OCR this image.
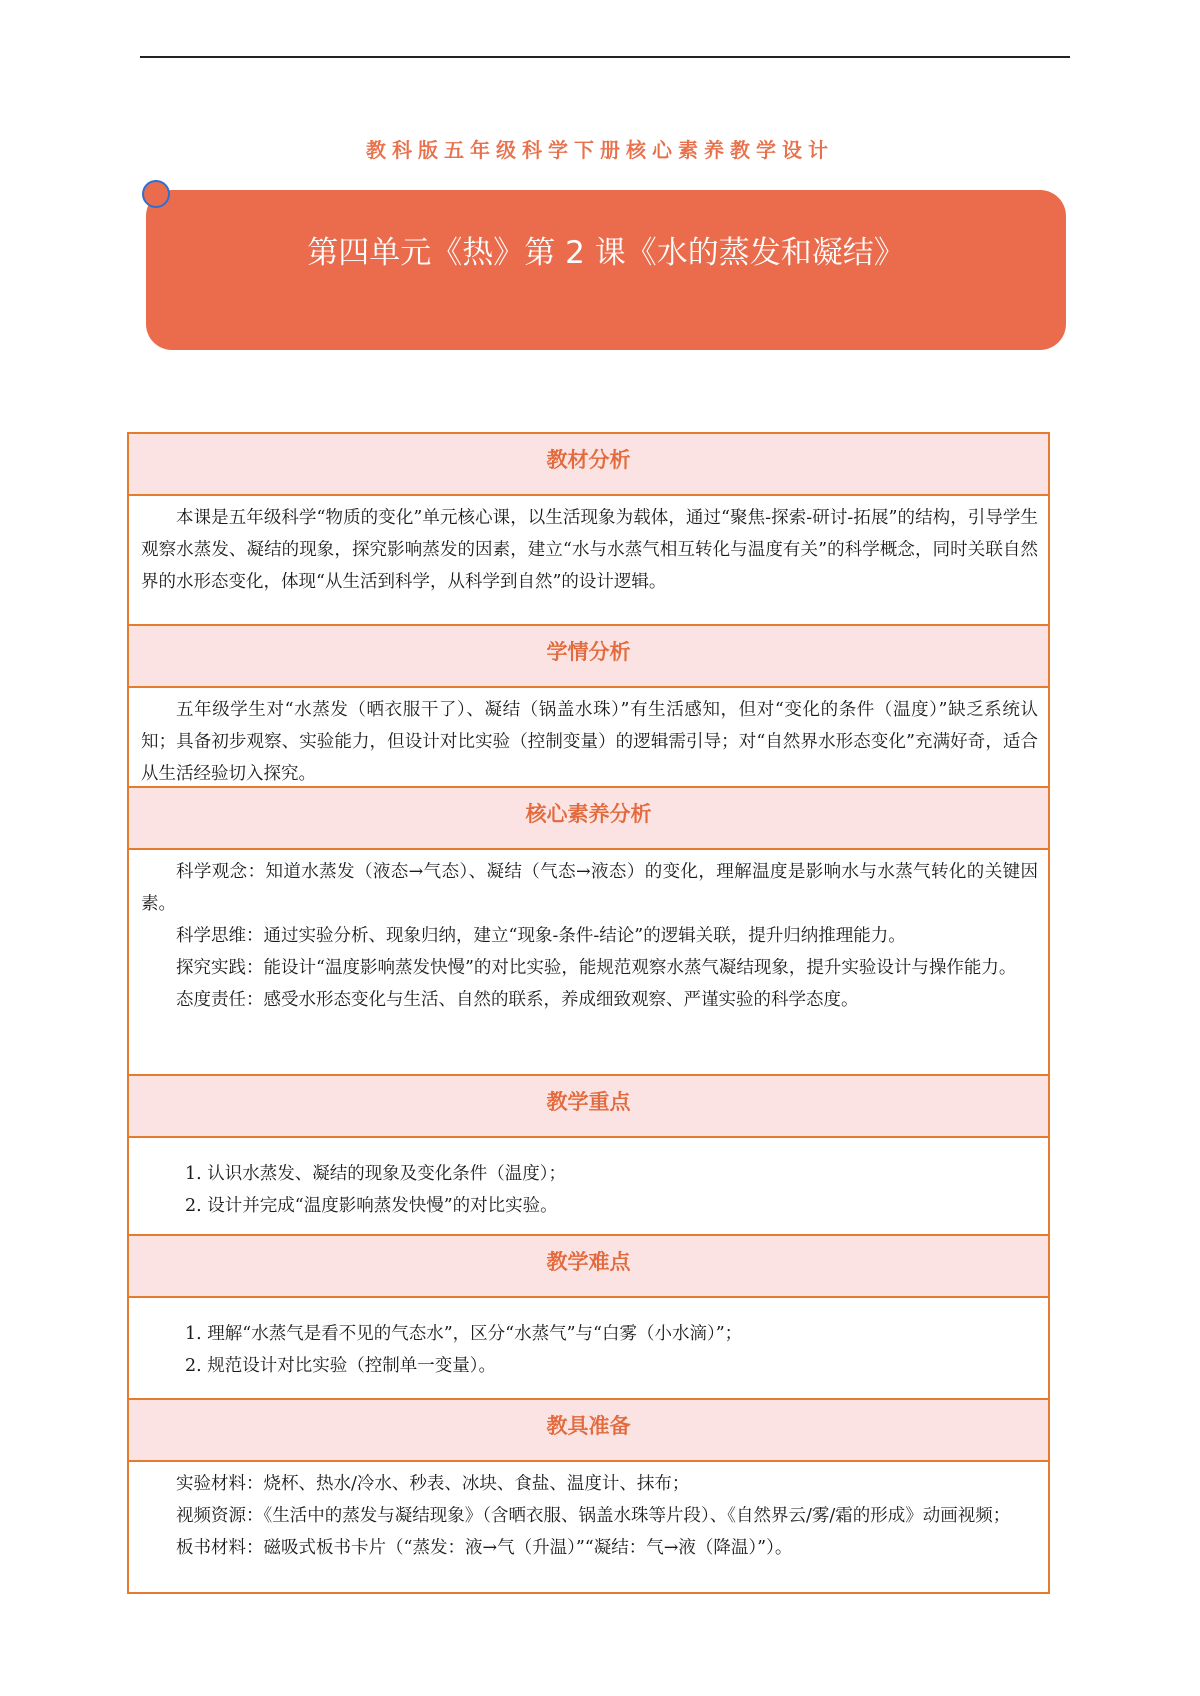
教科版五年级科学下册核心素养教学设计
第四单元《热》第 2 课《水的蒸发和凝结》
教材分析

本课是五年级科学“物质的变化”单元核心课，以生活现象为载体，通过“聚焦-探索-研讨-拓展”的结构，引导学生观察水蒸发、凝结的现象，探究影响蒸发的因素，建立“水与水蒸气相互转化与温度有关”的科学概念，同时关联自然界的水形态变化，体现“从生活到科学，从科学到自然”的设计逻辑。

学情分析

五年级学生对“水蒸发（晒衣服干了）、凝结（锅盖水珠）”有生活感知，但对“变化的条件（温度）”缺乏系统认知；具备初步观察、实验能力，但设计对比实验（控制变量）的逻辑需引导；对“自然界水形态变化”充满好奇，适合从生活经验切入探究。

核心素养分析

科学观念：知道水蒸发（液态→气态）、凝结（气态→液态）的变化，理解温度是影响水与水蒸气转化的关键因素。

科学思维：通过实验分析、现象归纳，建立“现象-条件-结论”的逻辑关联，提升归纳推理能力。

探究实践：能设计“温度影响蒸发快慢”的对比实验，能规范观察水蒸气凝结现象，提升实验设计与操作能力。

态度责任：感受水形态变化与生活、自然的联系，养成细致观察、严谨实验的科学态度。

教学重点

1. 认识水蒸发、凝结的现象及变化条件（温度）；

2. 设计并完成“温度影响蒸发快慢”的对比实验。

教学难点

1. 理解“水蒸气是看不见的气态水”，区分“水蒸气”与“白雾（小水滴）”；

2. 规范设计对比实验（控制单一变量）。

教具准备

实验材料：烧杯、热水/冷水、秒表、冰块、食盐、温度计、抹布；

视频资源：《生活中的蒸发与凝结现象》（含晒衣服、锅盖水珠等片段）、《自然界云/雾/霜的形成》动画视频；

板书材料：磁吸式板书卡片（“蒸发：液→气（升温）”“凝结：气→液（降温）”）。
